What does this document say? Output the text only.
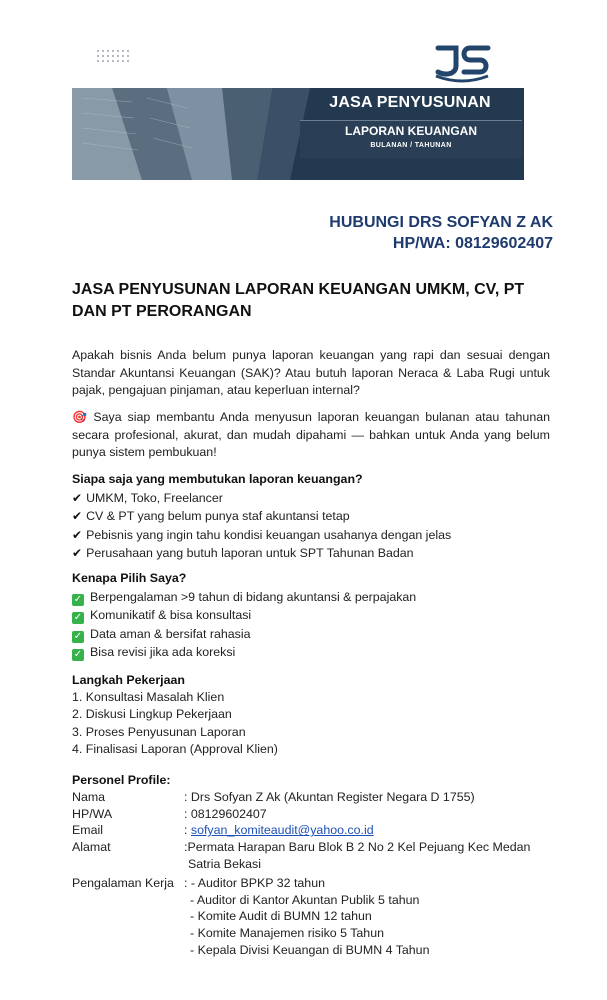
JASA PENYUSUNAN
LAPORAN KEUANGAN
BULANAN / TAHUNAN
HUBUNGI DRS SOFYAN Z AK
HP/WA: 08129602407
JASA PENYUSUNAN LAPORAN KEUANGAN UMKM, CV, PT DAN PT PERORANGAN
Apakah bisnis Anda belum punya laporan keuangan yang rapi dan sesuai dengan Standar Akuntansi Keuangan (SAK)? Atau butuh laporan Neraca & Laba Rugi untuk pajak, pengajuan pinjaman, atau keperluan internal?
🎯 Saya siap membantu Anda menyusun laporan keuangan bulanan atau tahunan secara profesional, akurat, dan mudah dipahami — bahkan untuk Anda yang belum punya sistem pembukuan!
Siapa saja yang membutukan laporan keuangan?
✔ UMKM, Toko, Freelancer
✔ CV & PT yang belum punya staf akuntansi tetap
✔ Pebisnis yang ingin tahu kondisi keuangan usahanya dengan jelas
✔ Perusahaan yang butuh laporan untuk SPT Tahunan Badan
Kenapa Pilih Saya?
✓ Berpengalaman >9 tahun di bidang akuntansi & perpajakan
✓ Komunikatif & bisa konsultasi
✓ Data aman & bersifat rahasia
✓ Bisa revisi jika ada koreksi
Langkah Pekerjaan
1. Konsultasi Masalah Klien
2. Diskusi Lingkup Pekerjaan
3. Proses Penyusunan Laporan
4. Finalisasi Laporan (Approval Klien)
Personel Profile:
Nama	: Drs Sofyan Z Ak (Akuntan Register Negara D 1755)
HP/WA	: 08129602407
Email	: sofyan_komiteaudit@yahoo.co.id
Alamat	:Permata Harapan Baru Blok B 2 No 2 Kel Pejuang Kec Medan
Satria Bekasi
Pengalaman Kerja : - Auditor BPKP 32 tahun
- Auditor di Kantor Akuntan Publik 5 tahun
- Komite Audit di BUMN 12 tahun
- Komite Manajemen risiko 5 Tahun
- Kepala Divisi Keuangan di BUMN 4 Tahun
